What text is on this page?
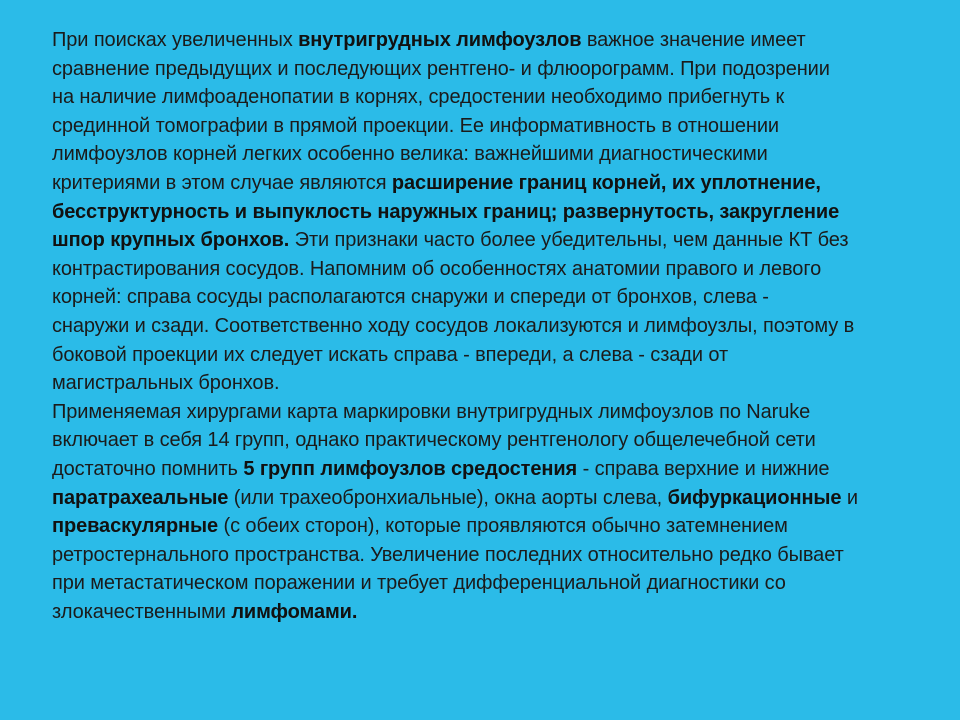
При поисках увеличенных внутригрудных лимфоузлов важное значение имеет
сравнение предыдущих и последующих рентгено- и флюорограмм. При подозрении
на наличие лимфоаденопатии в корнях, средостении необходимо прибегнуть к
срединной томографии в прямой проекции. Ее информативность в отношении
лимфоузлов корней легких особенно велика: важнейшими диагностическими
критериями в этом случае являются расширение границ корней, их уплотнение,
бесструктурность и выпуклость наружных границ; развернутость, закругление
шпор крупных бронхов. Эти признаки часто более убедительны, чем данные КТ без
контрастирования сосудов. Напомним об особенностях анатомии правого и левого
корней: справа сосуды располагаются снаружи и спереди от бронхов, слева -
снаружи и сзади. Соответственно ходу сосудов локализуются и лимфоузлы, поэтому в
боковой проекции их следует искать справа - впереди, а слева - сзади от
магистральных бронхов.
Применяемая хирургами карта маркировки внутригрудных лимфоузлов по Naruke
включает в себя 14 групп, однако практическому рентгенологу общелечебной сети
достаточно помнить 5 групп лимфоузлов средостения - справа верхние и нижние
паратрахеальные (или трахеобронхиальные), окна аорты слева, бифуркационные и
преваскулярные (с обеих сторон), которые проявляются обычно затемнением
ретростернального пространства. Увеличение последних относительно редко бывает
при метастатическом поражении и требует дифференциальной диагностики со
злокачественными лимфомами.
